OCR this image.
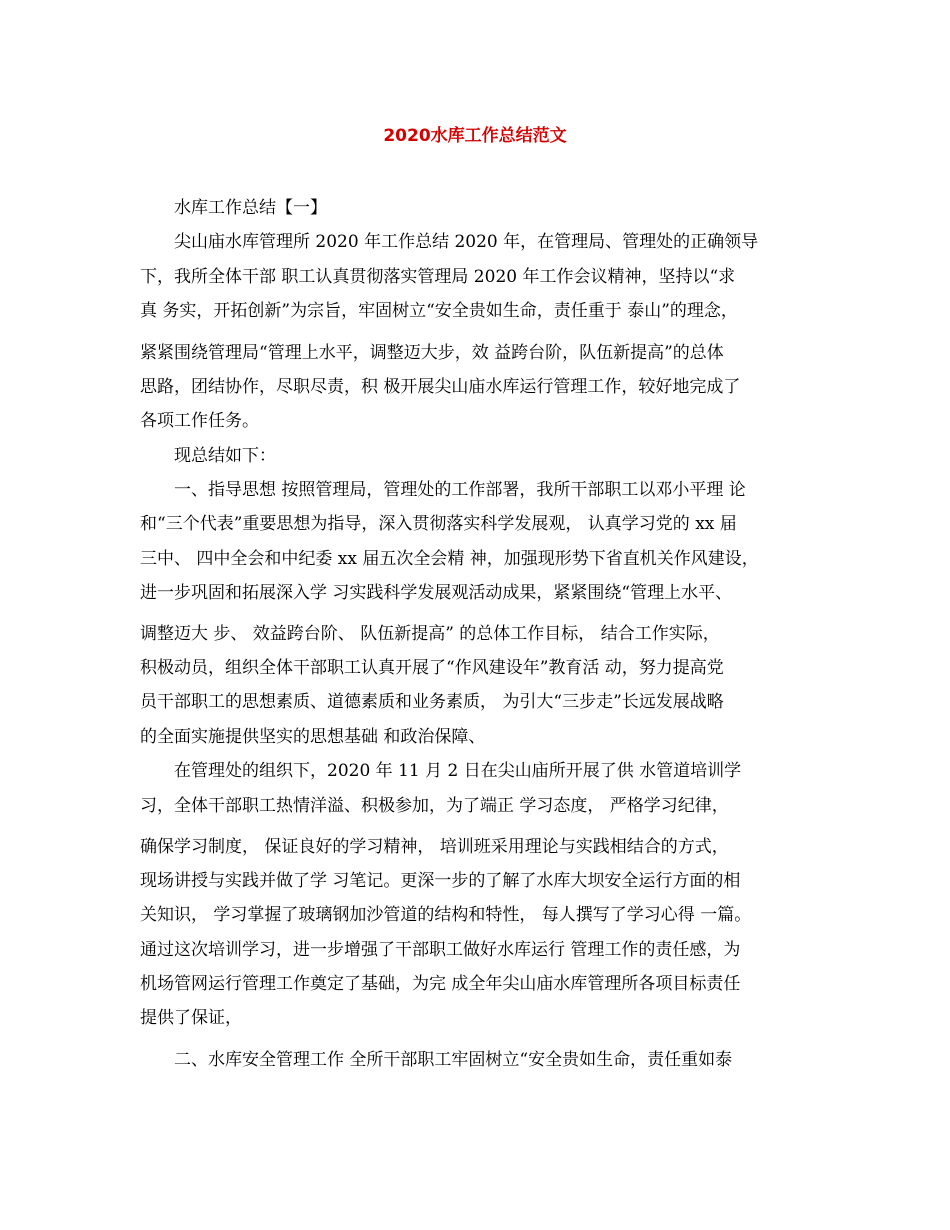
2020水库工作总结范文

水库工作总结【一】

尖山庙水库管理所 2020 年工作总结 2020 年，在管理局、管理处的正确领导

下，我所全体干部 职工认真贯彻落实管理局 2020 年工作会议精神，坚持以“求

真 务实，开拓创新”为宗旨，牢固树立“安全贵如生命，责任重于 泰山”的理念，

紧紧围绕管理局“管理上水平，调整迈大步，效 益跨台阶，队伍新提高”的总体

思路，团结协作，尽职尽责，积 极开展尖山庙水库运行管理工作，较好地完成了

各项工作任务。

现总结如下：

一、指导思想 按照管理局，管理处的工作部署，我所干部职工以邓小平理 论

和“三个代表”重要思想为指导，深入贯彻落实科学发展观， 认真学习党的 xx 届

三中、 四中全会和中纪委 xx 届五次全会精 神，加强现形势下省直机关作风建设，

进一步巩固和拓展深入学 习实践科学发展观活动成果，紧紧围绕“管理上水平、

调整迈大 步、 效益跨台阶、 队伍新提高” 的总体工作目标， 结合工作实际，

积极动员，组织全体干部职工认真开展了“作风建设年”教育活 动，努力提高党

员干部职工的思想素质、道德素质和业务素质， 为引大“三步走”长远发展战略

的全面实施提供坚实的思想基础 和政治保障、

在管理处的组织下，2020 年 11 月 2 日在尖山庙所开展了供 水管道培训学

习，全体干部职工热情洋溢、积极参加，为了端正 学习态度， 严格学习纪律，

确保学习制度， 保证良好的学习精神， 培训班采用理论与实践相结合的方式，

现场讲授与实践并做了学 习笔记。更深一步的了解了水库大坝安全运行方面的相

关知识， 学习掌握了玻璃钢加沙管道的结构和特性， 每人撰写了学习心得 一篇。

通过这次培训学习，进一步增强了干部职工做好水库运行 管理工作的责任感，为

机场管网运行管理工作奠定了基础，为完 成全年尖山庙水库管理所各项目标责任

提供了保证，

二、水库安全管理工作 全所干部职工牢固树立“安全贵如生命，责任重如泰
